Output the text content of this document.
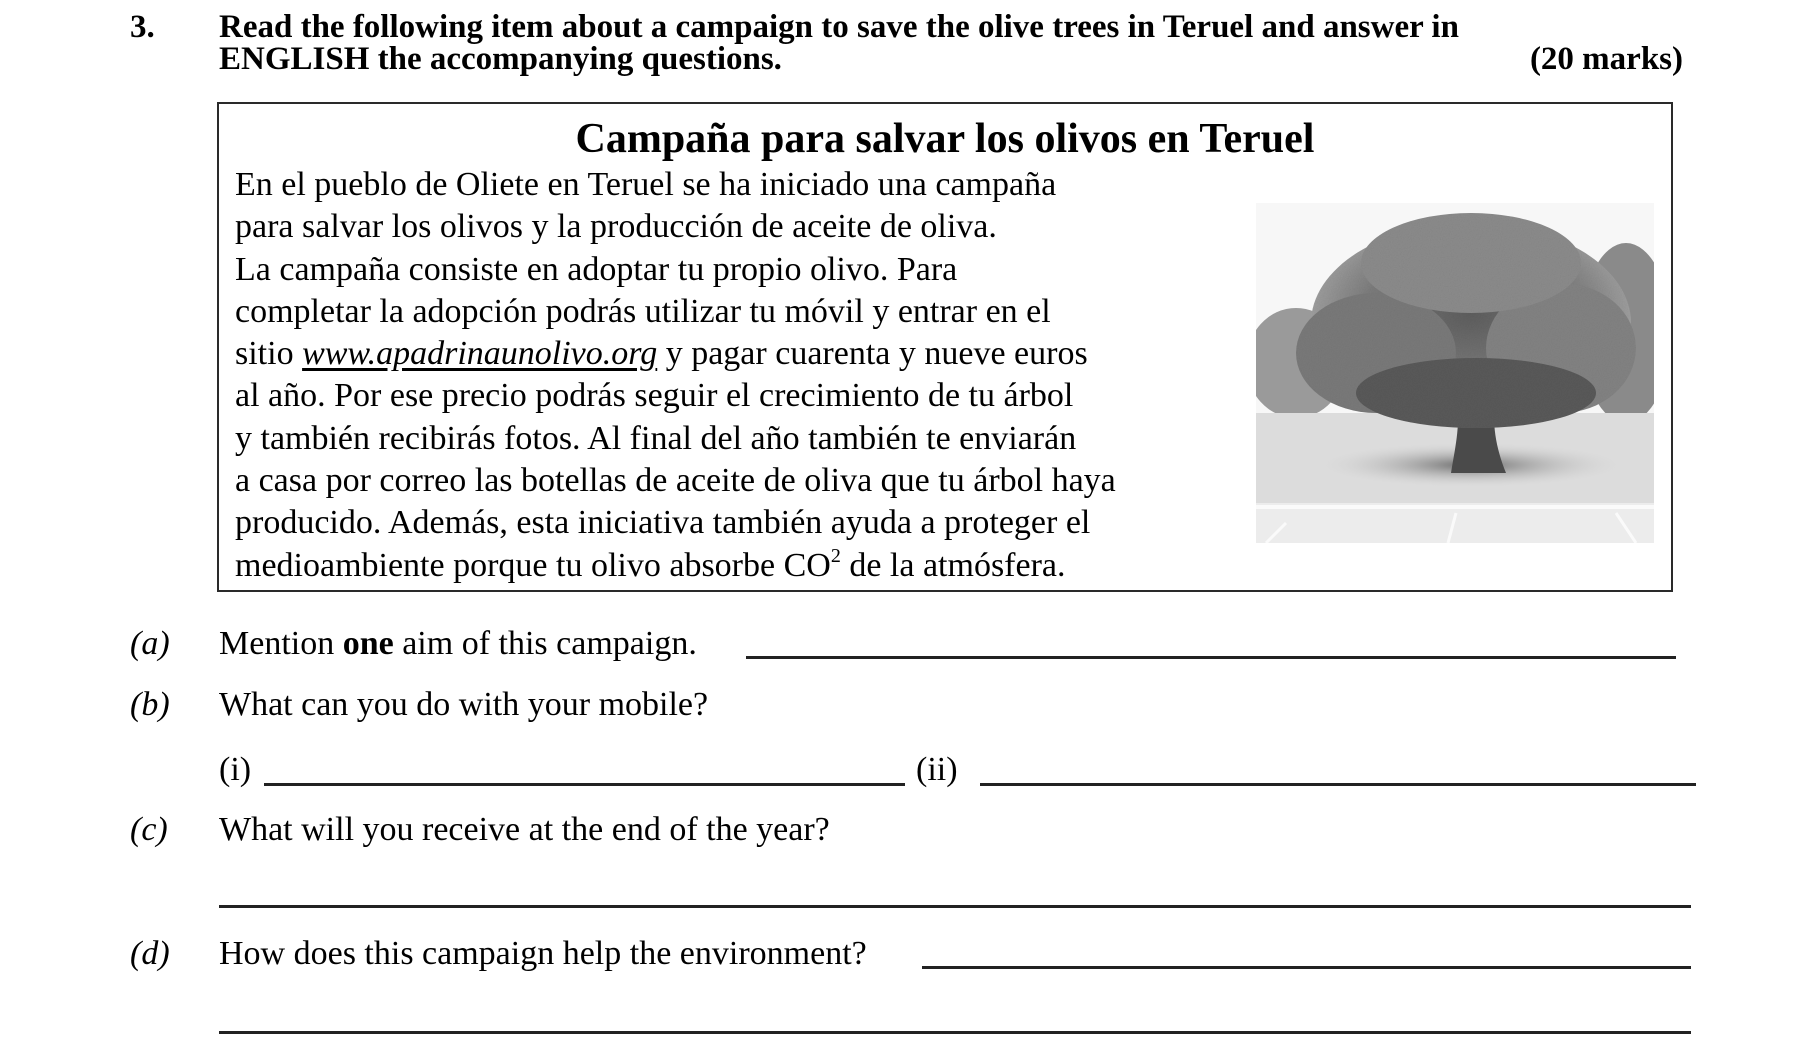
3. Read the following item about a campaign to save the olive trees in Teruel and answer in
ENGLISH the accompanying questions.	(20 marks)
Campaña para salvar los olivos en Teruel
En el pueblo de Oliete en Teruel se ha iniciado una campaña
para salvar los olivos y la producción de aceite de oliva.
La campaña consiste en adoptar tu propio olivo. Para
completar la adopción podrás utilizar tu móvil y entrar en el
sitio www.apadrinaunolivo.org y pagar cuarenta y nueve euros
al año. Por ese precio podrás seguir el crecimiento de tu árbol
y también recibirás fotos. Al final del año también te enviarán
a casa por correo las botellas de aceite de oliva que tu árbol haya
producido. Además, esta iniciativa también ayuda a proteger el
medioambiente porque tu olivo absorbe $CO^2$ de la atmósfera.
(a) Mention one aim of this campaign.
(b) What can you do with your mobile?
(i)	(ii)
(c) What will you receive at the end of the year?
(d) How does this campaign help the environment?
